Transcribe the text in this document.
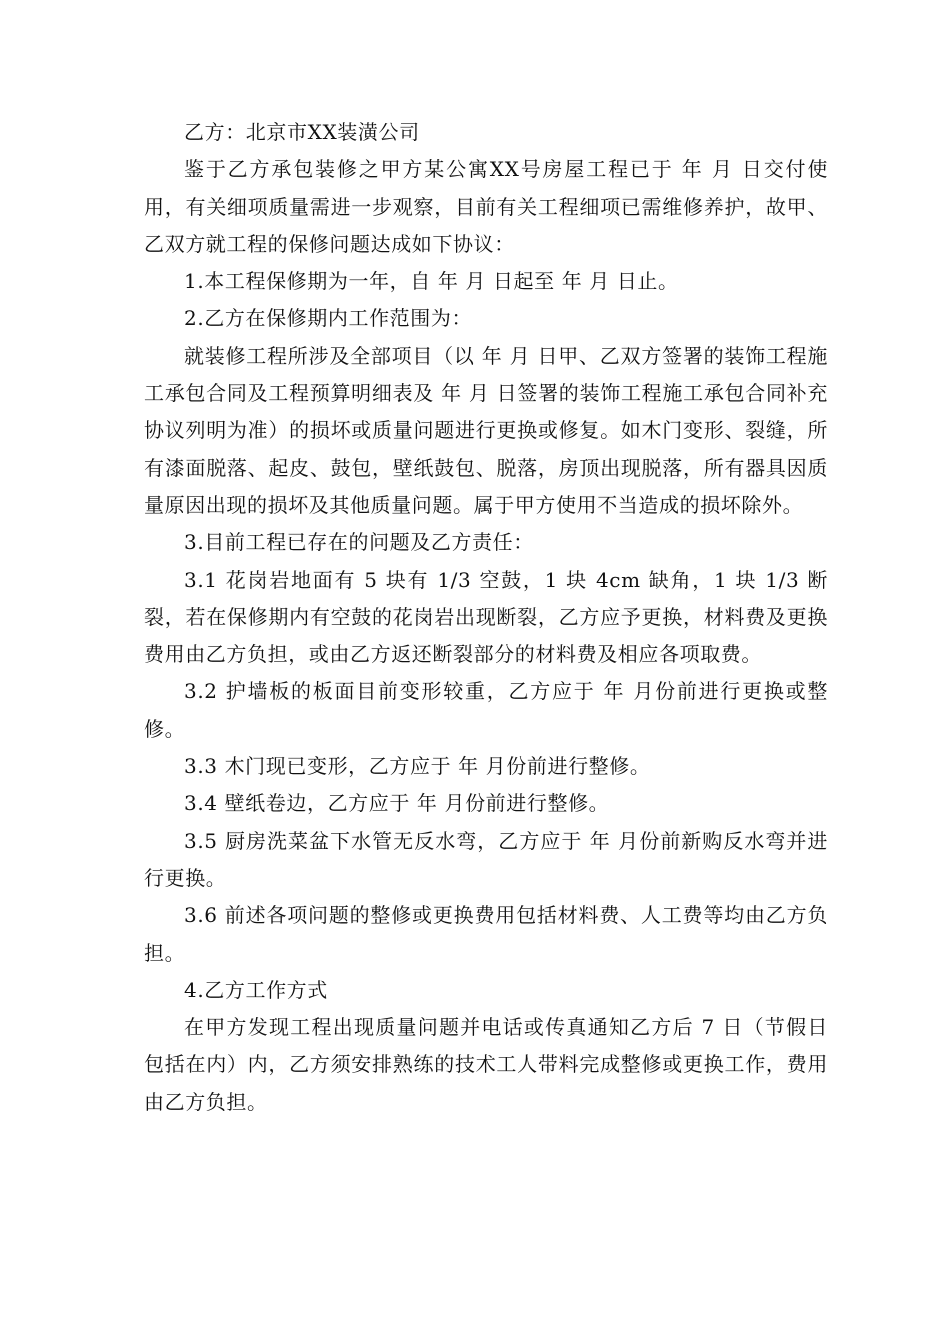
乙方：北京市XX装潢公司

鉴于乙方承包装修之甲方某公寓XX号房屋工程已于 年 月 日交付使用，有关细项质量需进一步观察，目前有关工程细项已需维修养护，故甲、乙双方就工程的保修问题达成如下协议：

1.本工程保修期为一年，自 年 月 日起至 年 月 日止。

2.乙方在保修期内工作范围为：

就装修工程所涉及全部项目（以 年 月 日甲、乙双方签署的装饰工程施工承包合同及工程预算明细表及 年 月 日签署的装饰工程施工承包合同补充协议列明为准）的损坏或质量问题进行更换或修复。如木门变形、裂缝，所有漆面脱落、起皮、鼓包，壁纸鼓包、脱落，房顶出现脱落，所有器具因质量原因出现的损坏及其他质量问题。属于甲方使用不当造成的损坏除外。

3.目前工程已存在的问题及乙方责任：

3.1 花岗岩地面有 5 块有 1/3 空鼓，1 块 4cm 缺角，1 块 1/3 断裂，若在保修期内有空鼓的花岗岩出现断裂，乙方应予更换，材料费及更换费用由乙方负担，或由乙方返还断裂部分的材料费及相应各项取费。

3.2 护墙板的板面目前变形较重，乙方应于 年 月份前进行更换或整修。

3.3 木门现已变形，乙方应于 年 月份前进行整修。

3.4 壁纸卷边，乙方应于 年 月份前进行整修。

3.5 厨房洗菜盆下水管无反水弯，乙方应于 年 月份前新购反水弯并进行更换。

3.6 前述各项问题的整修或更换费用包括材料费、人工费等均由乙方负担。

4.乙方工作方式

在甲方发现工程出现质量问题并电话或传真通知乙方后 7 日（节假日包括在内）内，乙方须安排熟练的技术工人带料完成整修或更换工作，费用由乙方负担。
